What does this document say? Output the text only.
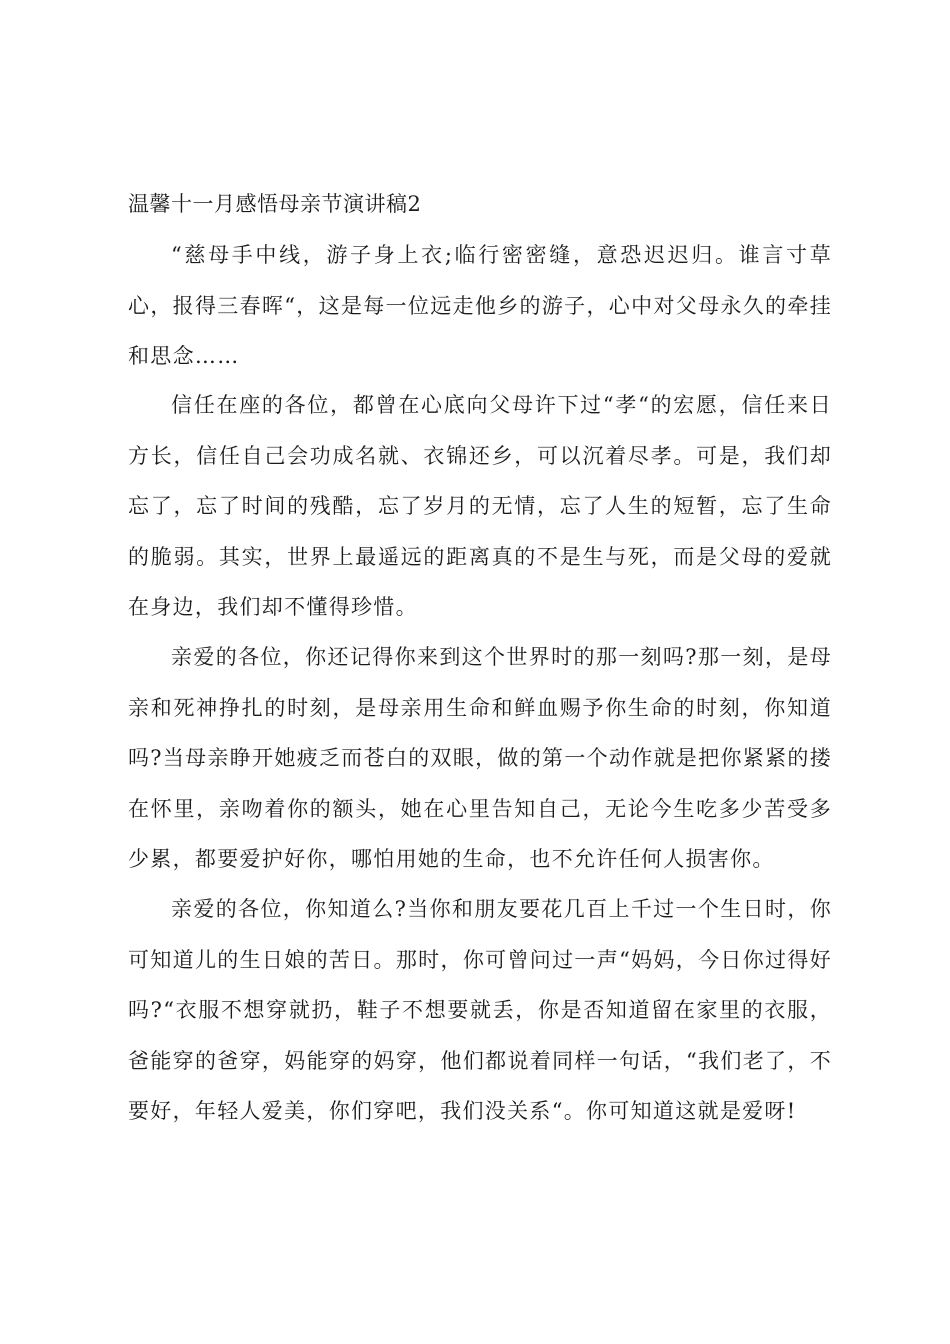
温馨十一月感悟母亲节演讲稿2

“慈母手中线，游子身上衣;临行密密缝，意恐迟迟归。谁言寸草心，报得三春晖“，这是每一位远走他乡的游子，心中对父母永久的牵挂和思念……

信任在座的各位，都曾在心底向父母许下过“孝“的宏愿，信任来日方长，信任自己会功成名就、衣锦还乡，可以沉着尽孝。可是，我们却忘了，忘了时间的残酷，忘了岁月的无情，忘了人生的短暂，忘了生命的脆弱。其实，世界上最遥远的距离真的不是生与死，而是父母的爱就在身边，我们却不懂得珍惜。

亲爱的各位，你还记得你来到这个世界时的那一刻吗?那一刻，是母亲和死神挣扎的时刻，是母亲用生命和鲜血赐予你生命的时刻，你知道吗?当母亲睁开她疲乏而苍白的双眼，做的第一个动作就是把你紧紧的搂在怀里，亲吻着你的额头，她在心里告知自己，无论今生吃多少苦受多少累，都要爱护好你，哪怕用她的生命，也不允许任何人损害你。

亲爱的各位，你知道么?当你和朋友要花几百上千过一个生日时，你可知道儿的生日娘的苦日。那时，你可曾问过一声“妈妈，今日你过得好吗?“衣服不想穿就扔，鞋子不想要就丢，你是否知道留在家里的衣服，爸能穿的爸穿，妈能穿的妈穿，他们都说着同样一句话，“我们老了，不要好，年轻人爱美，你们穿吧，我们没关系“。你可知道这就是爱呀!
